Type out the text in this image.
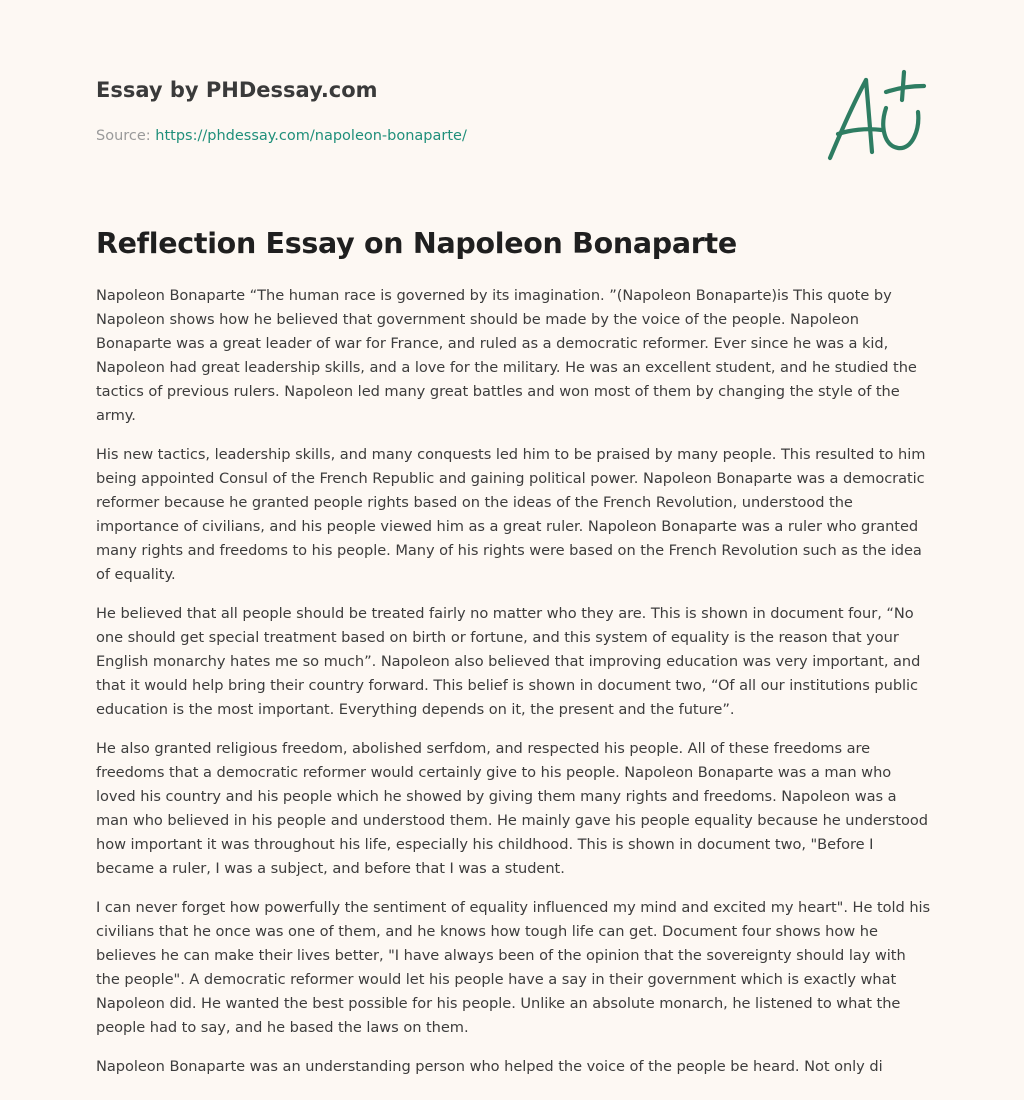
Essay by PHDessay.com
Source: https://phdessay.com/napoleon-bonaparte/
Reflection Essay on Napoleon Bonaparte

Napoleon Bonaparte “The human race is governed by its imagination. ”(Napoleon Bonaparte)is This quote by Napoleon shows how he believed that government should be made by the voice of the people. Napoleon Bonaparte was a great leader of war for France, and ruled as a democratic reformer. Ever since he was a kid, Napoleon had great leadership skills, and a love for the military. He was an excellent student, and he studied the tactics of previous rulers. Napoleon led many great battles and won most of them by changing the style of the army.

His new tactics, leadership skills, and many conquests led him to be praised by many people. This resulted to him being appointed Consul of the French Republic and gaining political power. Napoleon Bonaparte was a democratic reformer because he granted people rights based on the ideas of the French Revolution, understood the importance of civilians, and his people viewed him as a great ruler. Napoleon Bonaparte was a ruler who granted many rights and freedoms to his people. Many of his rights were based on the French Revolution such as the idea of equality.

He believed that all people should be treated fairly no matter who they are. This is shown in document four, “No one should get special treatment based on birth or fortune, and this system of equality is the reason that your English monarchy hates me so much”. Napoleon also believed that improving education was very important, and that it would help bring their country forward. This belief is shown in document two, “Of all our institutions public education is the most important. Everything depends on it, the present and the future”.

He also granted religious freedom, abolished serfdom, and respected his people. All of these freedoms are freedoms that a democratic reformer would certainly give to his people. Napoleon Bonaparte was a man who loved his country and his people which he showed by giving them many rights and freedoms. Napoleon was a man who believed in his people and understood them. He mainly gave his people equality because he understood how important it was throughout his life, especially his childhood. This is shown in document two, "Before I became a ruler, I was a subject, and before that I was a student.

I can never forget how powerfully the sentiment of equality influenced my mind and excited my heart". He told his civilians that he once was one of them, and he knows how tough life can get. Document four shows how he believes he can make their lives better, "I have always been of the opinion that the sovereignty should lay with the people". A democratic reformer would let his people have a say in their government which is exactly what Napoleon did. He wanted the best possible for his people. Unlike an absolute monarch, he listened to what the people had to say, and he based the laws on them.

Napoleon Bonaparte was an understanding person who helped the voice of the people be heard. Not only di
